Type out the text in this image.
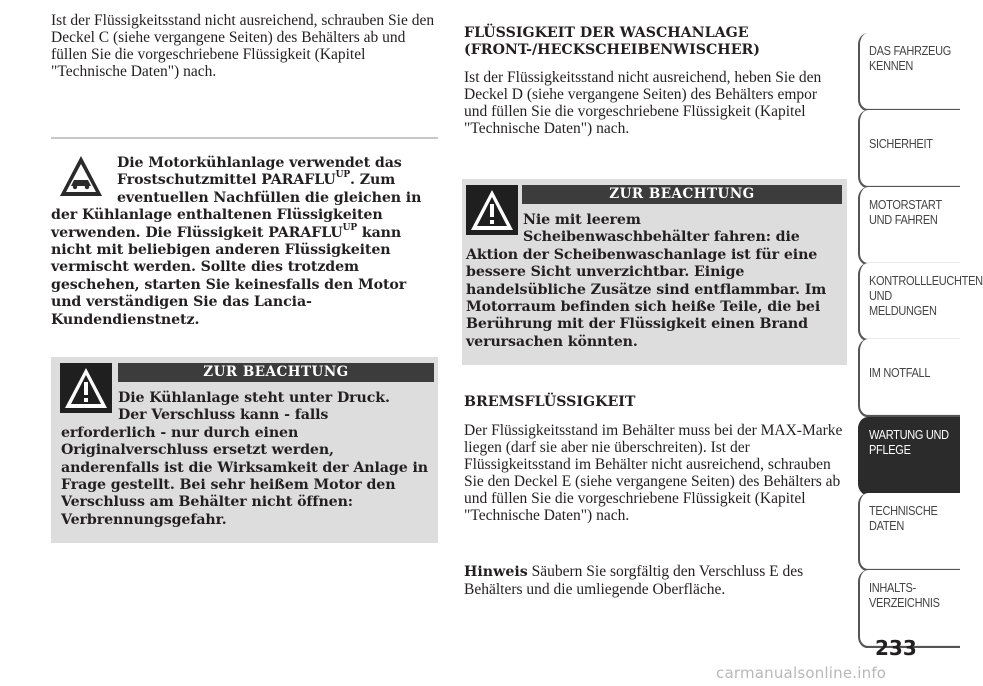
Ist der Flüssigkeitsstand nicht ausreichend, schrauben Sie den Deckel C (siehe vergangene Seiten) des Behälters ab und füllen Sie die vorgeschriebene Flüssigkeit (Kapitel "Technische Daten") nach.

Die Motorkühlanlage verwendet das
Frostschutzmittel $PARAFLU^{UP}$. Zum
eventuellen Nachfüllen die gleichen in
der Kühlanlage enthaltenen Flüssigkeiten
verwenden. Die Flüssigkeit $PARAFLU^{UP}$ kann
nicht mit beliebigen anderen Flüssigkeiten vermischt werden. Sollte dies trotzdem geschehen, starten Sie keinesfalls den Motor und verständigen Sie das Lancia-Kundendienstnetz.
ZUR BEACHTUNG
Die Kühlanlage steht unter Druck.
Der Verschluss kann - falls
erforderlich - nur durch einen Originalverschluss ersetzt werden, anderenfalls ist die Wirksamkeit der Anlage in Frage gestellt. Bei sehr heißem Motor den Verschluss am Behälter nicht öffnen: Verbrennungsgefahr.
FLÜSSIGKEIT DER WASCHANLAGE (FRONT-/HECKSCHEIBENWISCHER)

Ist der Flüssigkeitsstand nicht ausreichend, heben Sie den Deckel D (siehe vergangene Seiten) des Behälters empor und füllen Sie die vorgeschriebene Flüssigkeit (Kapitel "Technische Daten") nach.

ZUR BEACHTUNG
Nie mit leerem
Scheibenwaschbehälter fahren: die
Aktion der Scheibenwaschanlage ist für eine bessere Sicht unverzichtbar. Einige handelsübliche Zusätze sind entflammbar. Im Motorraum befinden sich heiße Teile, die bei Berührung mit der Flüssigkeit einen Brand verursachen könnten.
BREMSFLÜSSIGKEIT

Der Flüssigkeitsstand im Behälter muss bei der MAX-Marke liegen (darf sie aber nie überschreiten). Ist der Flüssigkeitsstand im Behälter nicht ausreichend, schrauben Sie den Deckel E (siehe vergangene Seiten) des Behälters ab und füllen Sie die vorgeschriebene Flüssigkeit (Kapitel "Technische Daten") nach.

Hinweis Säubern Sie sorgfältig den Verschluss E des Behälters und die umliegende Oberfläche.

DAS FAHRZEUG KENNEN
SICHERHEIT
MOTORSTART UND FAHREN
KONTROLLLEUCHTEN UND MELDUNGEN
IM NOTFALL
WARTUNG UND PFLEGE
TECHNISCHE DATEN
INHALTS-VERZEICHNIS
233
carmanualsonline.info
